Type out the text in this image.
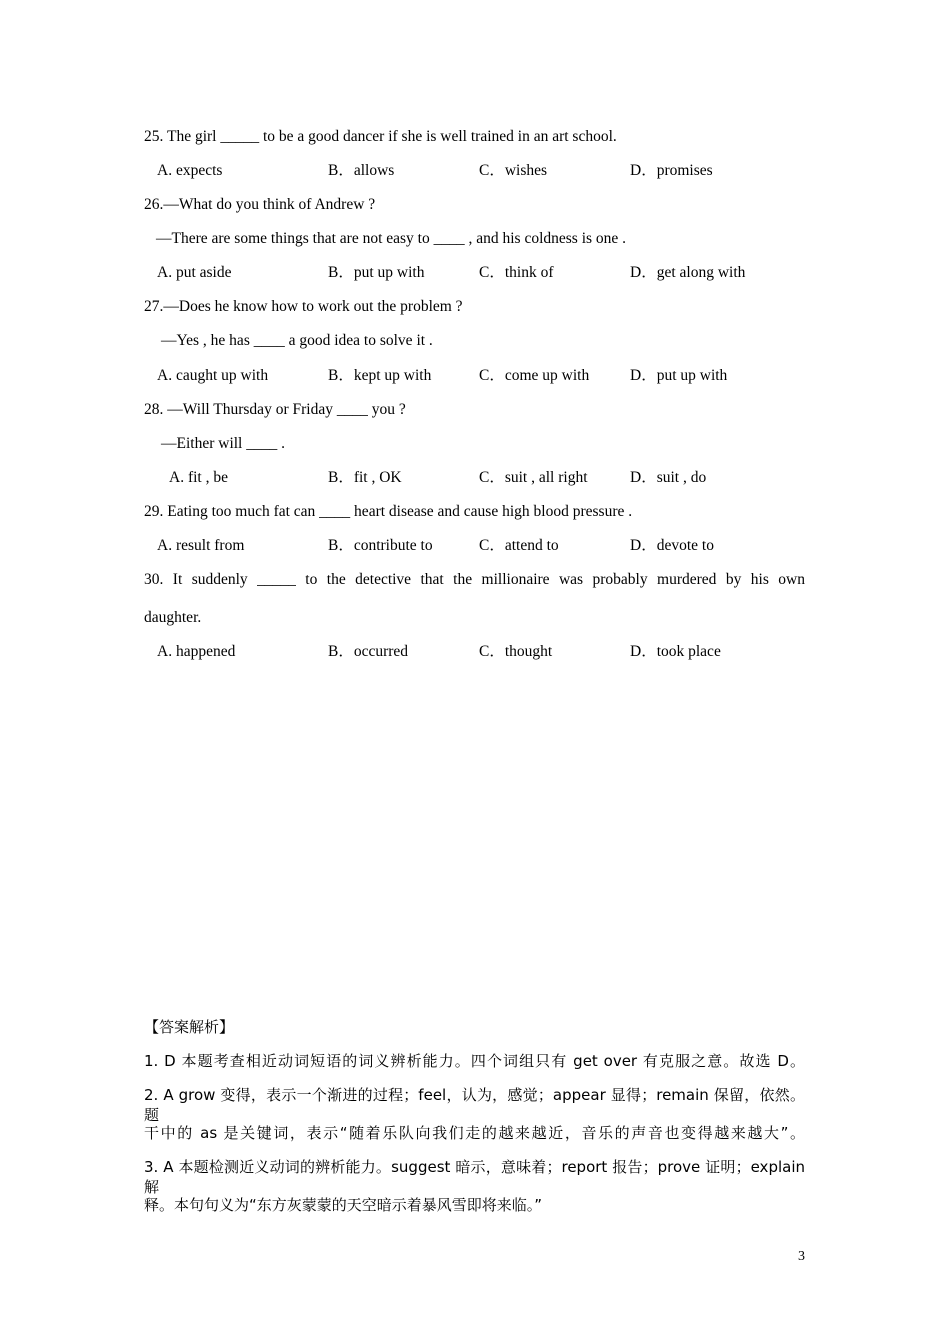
25. The girl _____ to be a good dancer if she is well trained in an art school.
A. expects	B．allows	C．wishes	D．promises
26.—What do you think of Andrew ?
—There are some things that are not easy to ____ , and his coldness is one .
A. put aside	B．put up with	C．think of	D．get along with
27.—Does he know how to work out the problem ?
—Yes , he has ____ a good idea to solve it .
A. caught up with	B．kept up with	C．come up with	D．put up with
28. —Will Thursday or Friday ____ you ?
—Either will ____ .
A. fit , be	B．fit , OK	C．suit , all right	D．suit , do
29. Eating too much fat can ____ heart disease and cause high blood pressure .
A. result from	B．contribute to	C．attend to	D．devote to
30. It suddenly _____ to the detective that the millionaire was probably murdered by his own
daughter.
A. happened	B．occurred	C．thought	D．took place
【答案解析】
1. D 本题考查相近动词短语的词义辨析能力。四个词组只有 get over 有克服之意。故选 D。
2. A grow 变得，表示一个渐进的过程；feel，认为，感觉；appear 显得；remain 保留，依然。题
干中的 as 是关键词，表示“随着乐队向我们走的越来越近，音乐的声音也变得越来越大”。
3. A 本题检测近义动词的辨析能力。suggest 暗示，意味着；report 报告；prove 证明；explain 解
释。本句句义为“东方灰蒙蒙的天空暗示着暴风雪即将来临。”
3
